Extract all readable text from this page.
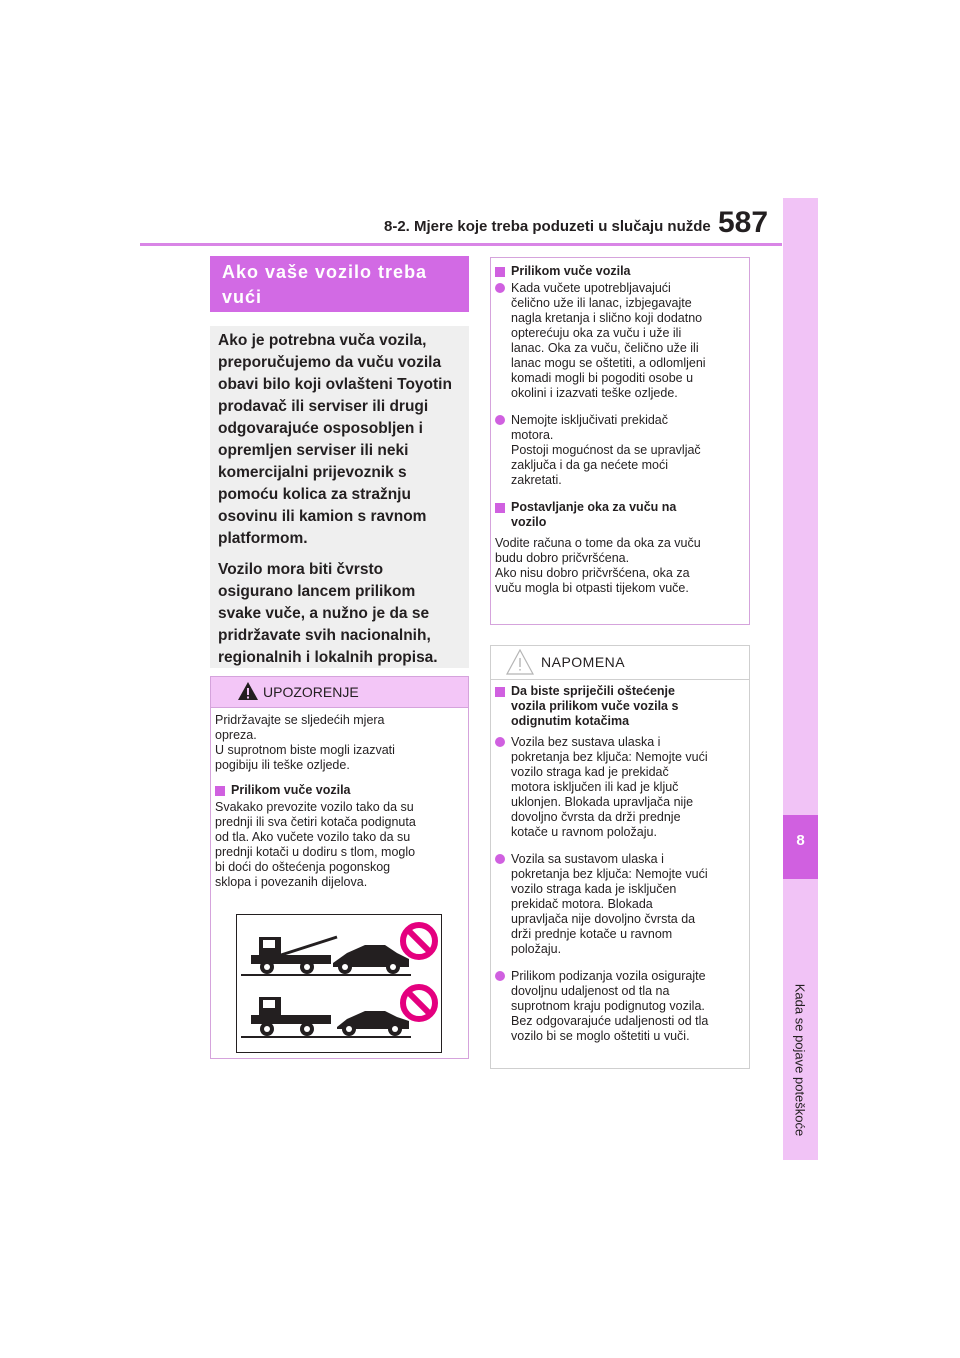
8-2. Mjere koje treba poduzeti u slučaju nužde 587
8
Kada se pojave poteškoće
Ako vaše vozilo treba
vući

Ako je potrebna vuča vozila,
preporučujemo da vuču vozila
obavi bilo koji ovlašteni Toyotin
prodavač ili serviser ili drugi
odgovarajuće osposobljen i
opremljen serviser ili neki
komercijalni prijevoznik s
pomoću kolica za stražnju
osovinu ili kamion s ravnom
platformom.

Vozilo mora biti čvrsto
osigurano lancem prilikom
svake vuče, a nužno je da se
pridržavate svih nacionalnih,
regionalnih i lokalnih propisa.

UPOZORENJE

Pridržavajte se sljedećih mjera
opreza.
U suprotnom biste mogli izazvati
pogibiju ili teške ozljede.

Prilikom vuče vozila

Svakako prevozite vozilo tako da su
prednji ili sva četiri kotača podignuta
od tla. Ako vučete vozilo tako da su
prednji kotači u dodiru s tlom, moglo
bi doći do oštećenja pogonskog
sklopa i povezanih dijelova.

Prilikom vuče vozila
Kada vučete upotrebljavajući
čelično uže ili lanac, izbjegavajte
nagla kretanja i slično koji dodatno
opterećuju oka za vuču i uže ili
lanac. Oka za vuču, čelično uže ili
lanac mogu se oštetiti, a odlomljeni
komadi mogli bi pogoditi osobe u
okolini i izazvati teške ozljede.
Nemojte isključivati prekidač
motora.
Postoji mogućnost da se upravljač
zaključa i da ga nećete moći
zakretati.
Postavljanje oka za vuču na
vozilo

Vodite računa o tome da oka za vuču
budu dobro pričvršćena.
Ako nisu dobro pričvršćena, oka za
vuču mogla bi otpasti tijekom vuče.

NAPOMENA
Da biste spriječili oštećenje
vozila prilikom vuče vozila s
odignutim kotačima
Vozila bez sustava ulaska i
pokretanja bez ključa: Nemojte vući
vozilo straga kad je prekidač
motora isključen ili kad je ključ
uklonjen. Blokada upravljača nije
dovoljno čvrsta da drži prednje
kotače u ravnom položaju.
Vozila sa sustavom ulaska i
pokretanja bez ključa: Nemojte vući
vozilo straga kada je isključen
prekidač motora. Blokada
upravljača nije dovoljno čvrsta da
drži prednje kotače u ravnom
položaju.
Prilikom podizanja vozila osigurajte
dovoljnu udaljenost od tla na
suprotnom kraju podignutog vozila.
Bez odgovarajuće udaljenosti od tla
vozilo bi se moglo oštetiti u vuči.
